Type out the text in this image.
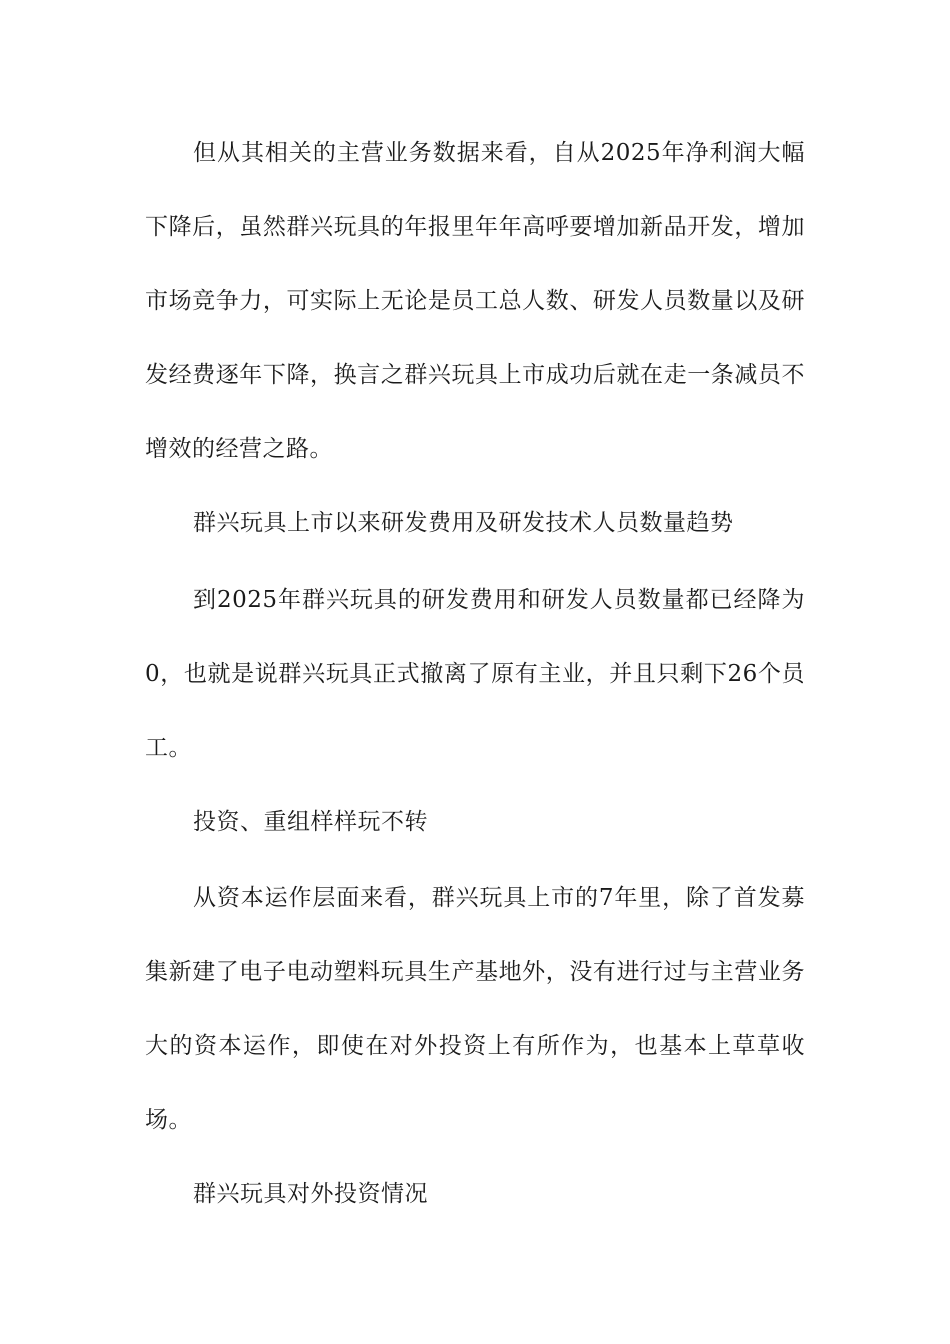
但从其相关的主营业务数据来看，自从2025年净利润大幅下降后，虽然群兴玩具的年报里年年高呼要增加新品开发，增加市场竞争力，可实际上无论是员工总人数、研发人员数量以及研发经费逐年下降，换言之群兴玩具上市成功后就在走一条减员不增效的经营之路。

群兴玩具上市以来研发费用及研发技术人员数量趋势

到2025年群兴玩具的研发费用和研发人员数量都已经降为0，也就是说群兴玩具正式撤离了原有主业，并且只剩下26个员工。

投资、重组样样玩不转

从资本运作层面来看，群兴玩具上市的7年里，除了首发募集新建了电子电动塑料玩具生产基地外，没有进行过与主营业务大的资本运作，即使在对外投资上有所作为，也基本上草草收场。

群兴玩具对外投资情况
